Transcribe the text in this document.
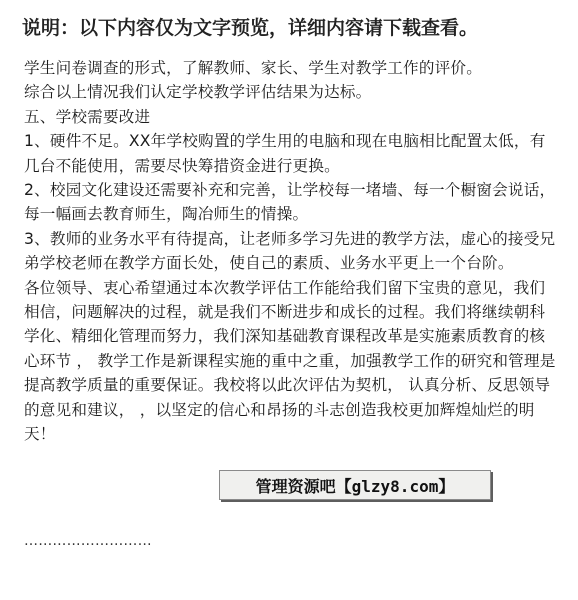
说明：以下内容仅为文字预览，详细内容请下载查看。

学生问卷调查的形式，了解教师、家长、学生对教学工作的评价。

综合以上情况我们认定学校教学评估结果为达标。

五、学校需要改进

1、硬件不足。XX年学校购置的学生用的电脑和现在电脑相比配置太低，有几台不能使用，需要尽快筹措资金进行更换。

2、校园文化建设还需要补充和完善，让学校每一堵墙、每一个橱窗会说话，每一幅画去教育师生，陶冶师生的情操。

3、教师的业务水平有待提高，让老师多学习先进的教学方法，虚心的接受兄弟学校老师在教学方面长处，使自己的素质、业务水平更上一个台阶。

各位领导、衷心希望通过本次教学评估工作能给我们留下宝贵的意见，我们相信，问题解决的过程，就是我们不断进步和成长的过程。我们将继续朝科学化、精细化管理而努力，我们深知基础教育课程改革是实施素质教育的核心环节 ， 教学工作是新课程实施的重中之重，加强教学工作的研究和管理是提高教学质量的重要保证。我校将以此次评估为契机， 认真分析、反思领导的意见和建议， ，以坚定的信心和昂扬的斗志创造我校更加辉煌灿烂的明天！

………………………
管理资源吧【glzy8.com】
